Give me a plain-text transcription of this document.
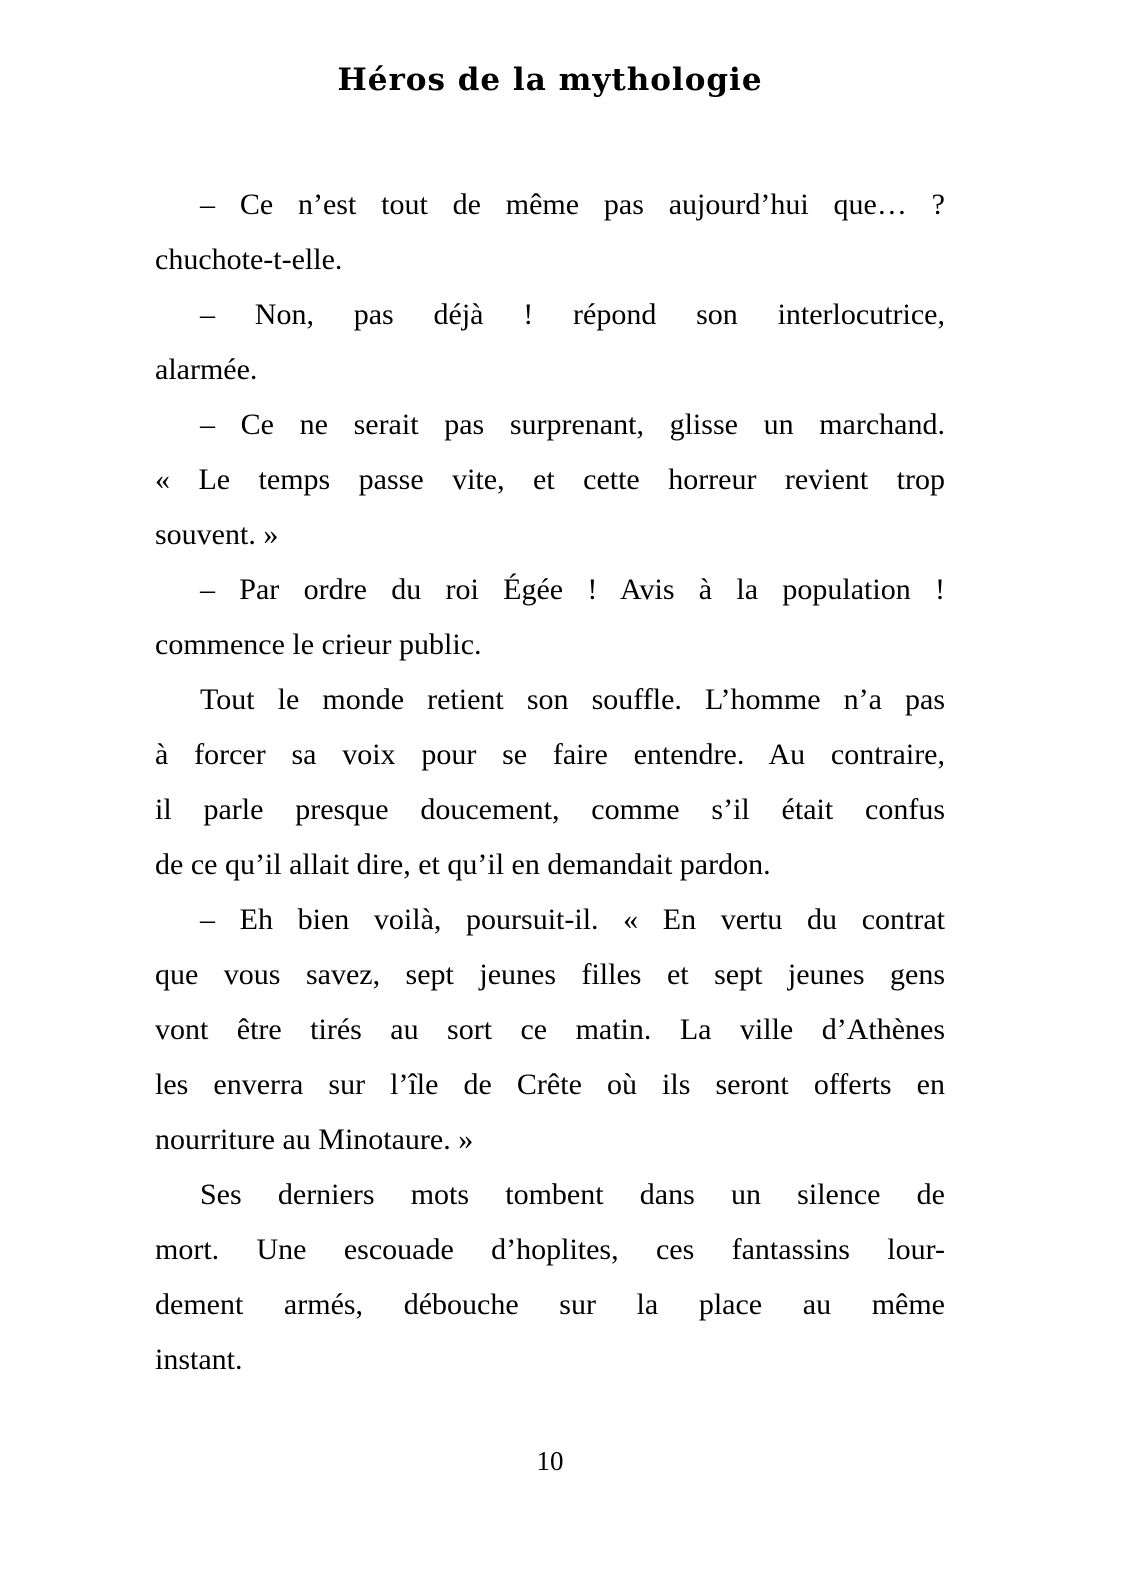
Héros de la mythologie
– Ce n’est tout de même pas aujourd’hui que… ?
chuchote-t-elle.
– Non, pas déjà ! répond son interlocutrice,
alarmée.
– Ce ne serait pas surprenant, glisse un marchand.
« Le temps passe vite, et cette horreur revient trop
souvent. »
– Par ordre du roi Égée ! Avis à la population !
commence le crieur public.
Tout le monde retient son souffle. L’homme n’a pas
à forcer sa voix pour se faire entendre. Au contraire,
il parle presque doucement, comme s’il était confus
de ce qu’il allait dire, et qu’il en demandait pardon.
– Eh bien voilà, poursuit-il. « En vertu du contrat
que vous savez, sept jeunes filles et sept jeunes gens
vont être tirés au sort ce matin. La ville d’Athènes
les enverra sur l’île de Crête où ils seront offerts en
nourriture au Minotaure. »
Ses derniers mots tombent dans un silence de
mort. Une escouade d’hoplites, ces fantassins lour-
dement armés, débouche sur la place au même
instant.
10
